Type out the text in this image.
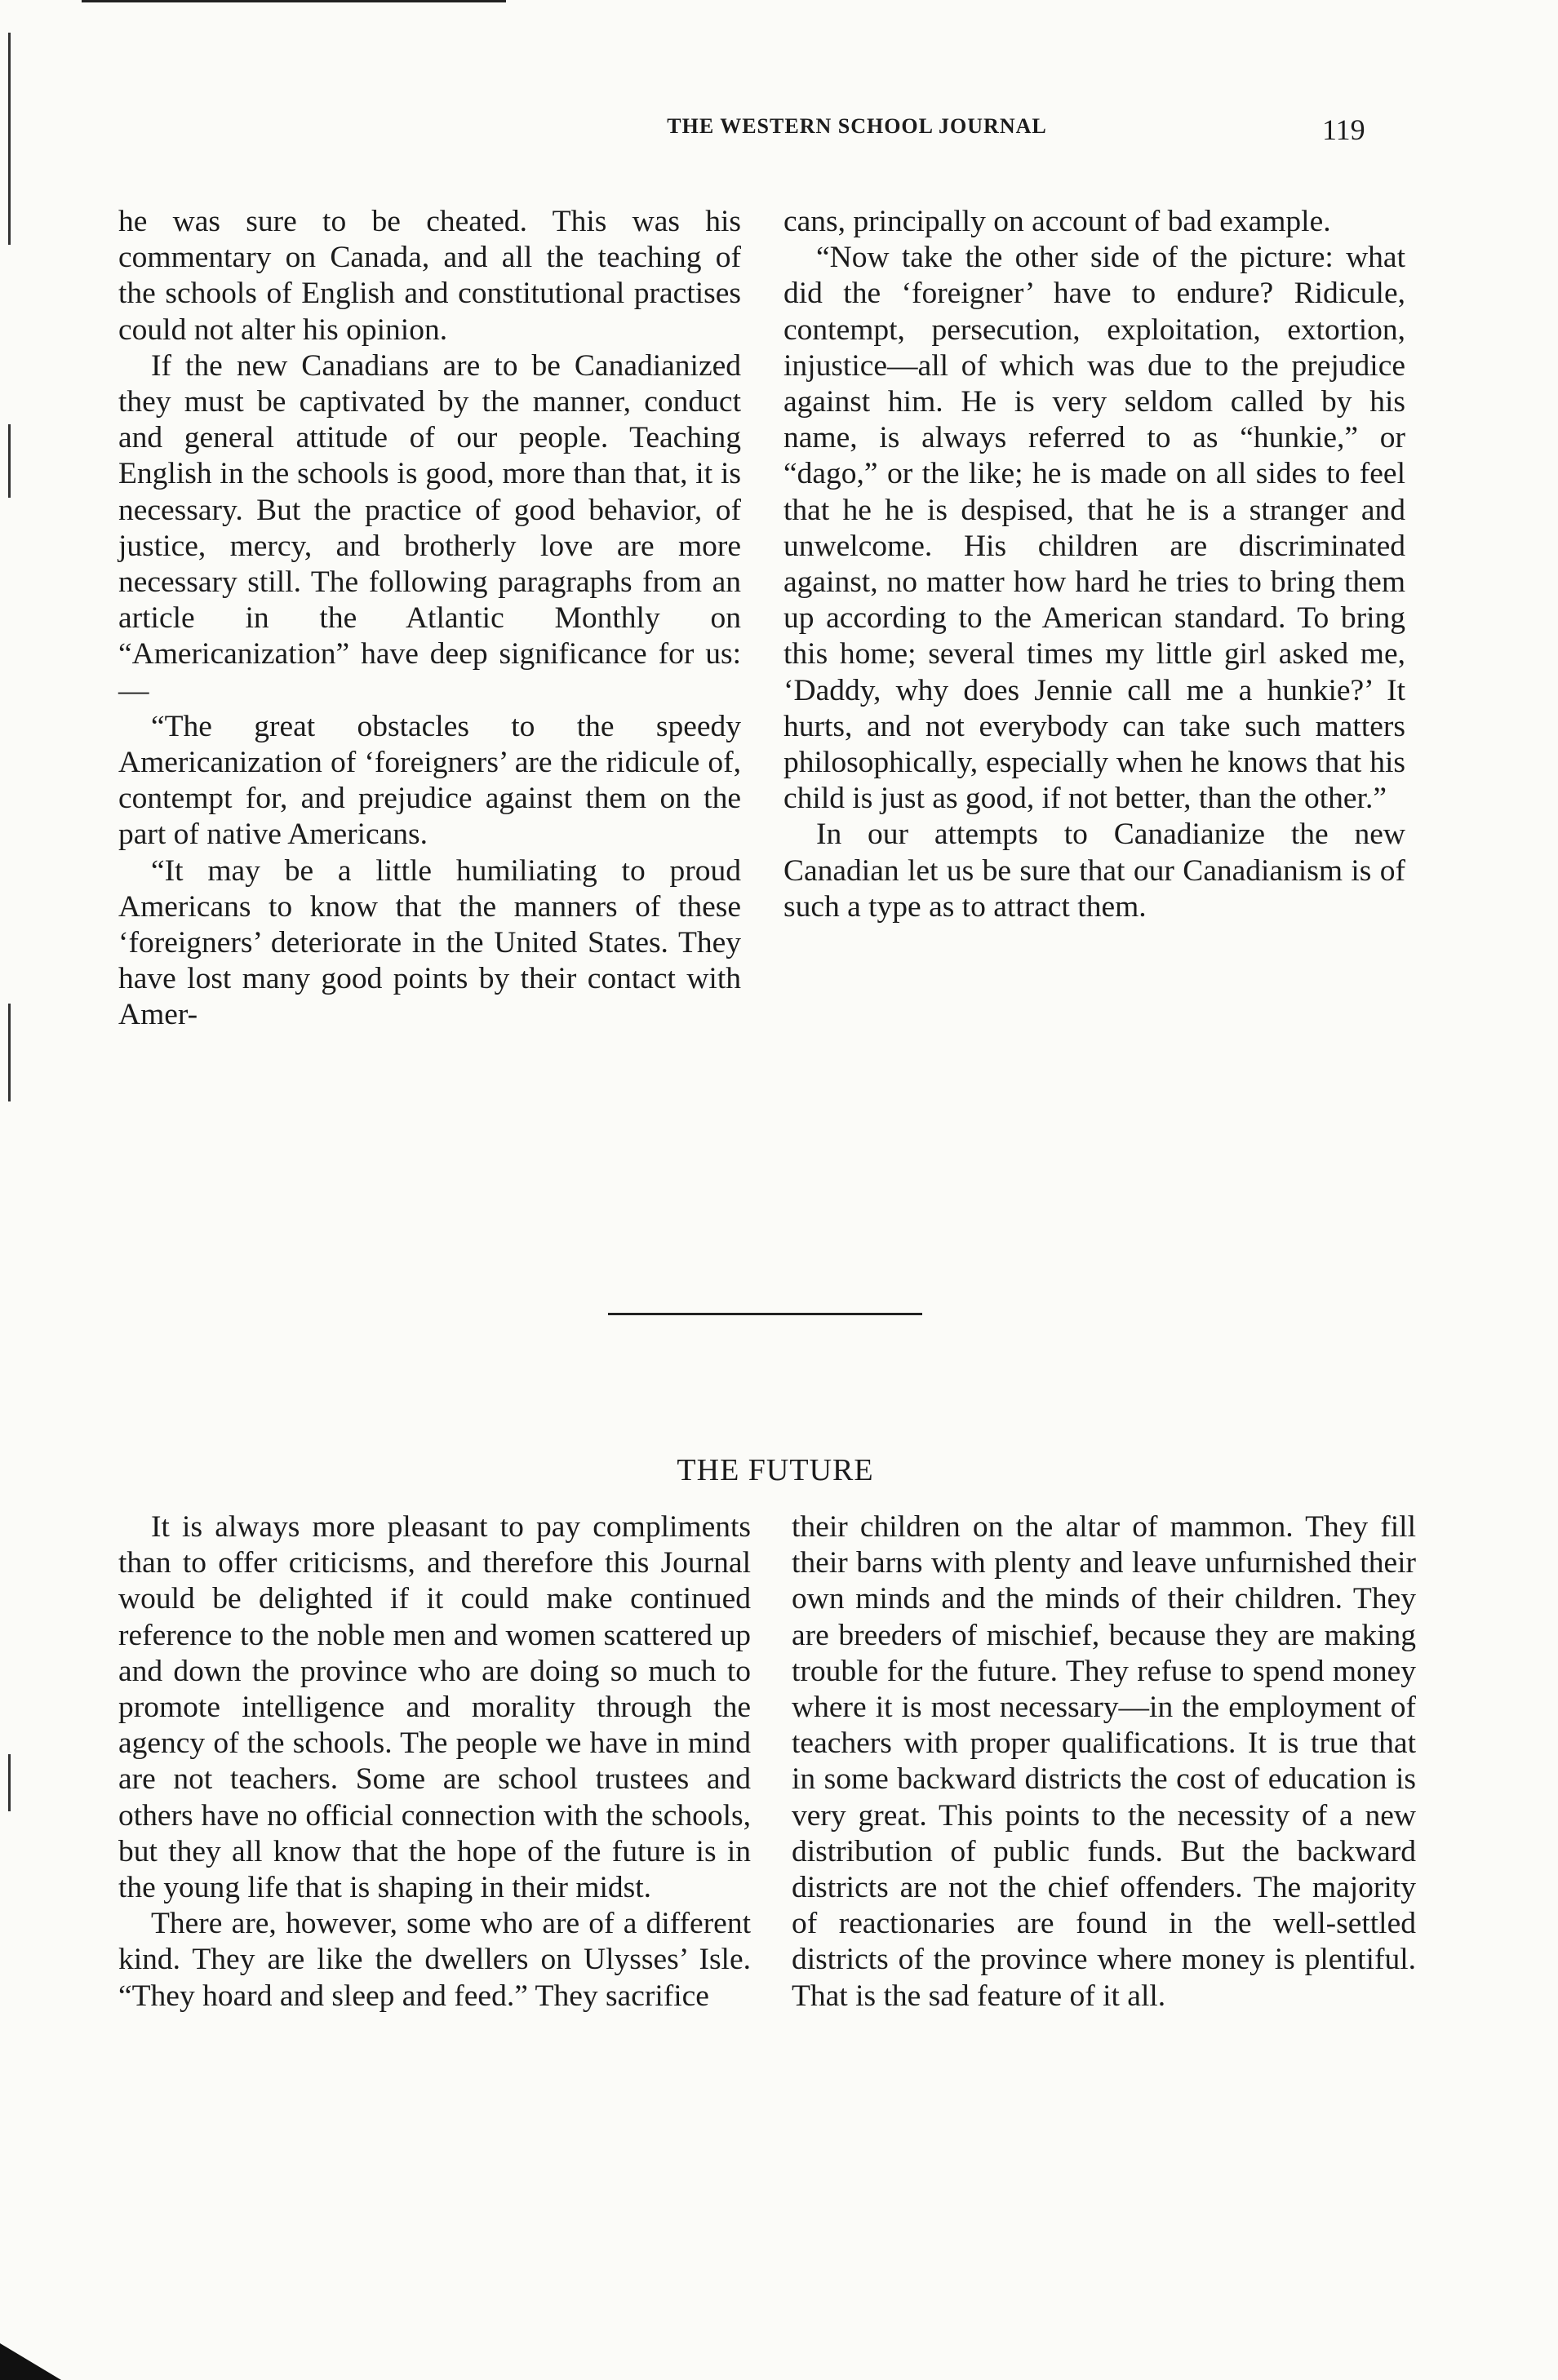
THE WESTERN SCHOOL JOURNAL	119

he was sure to be cheated. This was his commentary on Canada, and all the teaching of the schools of English and constitutional practises could not alter his opinion.

If the new Canadians are to be Canadianized they must be captivated by the manner, conduct and general attitude of our people. Teaching English in the schools is good, more than that, it is necessary. But the practice of good behavior, of justice, mercy, and brotherly love are more necessary still. The following paragraphs from an article in the Atlantic Monthly on “Americanization” have deep significance for us:—

“The great obstacles to the speedy Americanization of ‘foreigners’ are the ridicule of, contempt for, and prejudice against them on the part of native Americans.

“It may be a little humiliating to proud Americans to know that the manners of these ‘foreigners’ deteriorate in the United States. They have lost many good points by their contact with Amer-

cans, principally on account of bad example.

“Now take the other side of the picture: what did the ‘foreigner’ have to endure? Ridicule, contempt, persecution, exploitation, extortion, injustice—all of which was due to the prejudice against him. He is very seldom called by his name, is always referred to as “hunkie,” or “dago,” or the like; he is made on all sides to feel that he he is despised, that he is a stranger and unwelcome. His children are discriminated against, no matter how hard he tries to bring them up according to the American standard. To bring this home; several times my little girl asked me, ‘Daddy, why does Jennie call me a hunkie?’ It hurts, and not everybody can take such matters philosophically, especially when he knows that his child is just as good, if not better, than the other.”

In our attempts to Canadianize the new Canadian let us be sure that our Canadianism is of such a type as to attract them.

THE FUTURE

It is always more pleasant to pay compliments than to offer criticisms, and therefore this Journal would be delighted if it could make continued reference to the noble men and women scattered up and down the province who are doing so much to promote intelligence and morality through the agency of the schools. The people we have in mind are not teachers. Some are school trustees and others have no official connection with the schools, but they all know that the hope of the future is in the young life that is shaping in their midst.

There are, however, some who are of a different kind. They are like the dwellers on Ulysses’ Isle. “They hoard and sleep and feed.” They sacrifice

their children on the altar of mammon. They fill their barns with plenty and leave unfurnished their own minds and the minds of their children. They are breeders of mischief, because they are making trouble for the future. They refuse to spend money where it is most necessary—in the employment of teachers with proper qualifications. It is true that in some backward districts the cost of education is very great. This points to the necessity of a new distribution of public funds. But the backward districts are not the chief offenders. The majority of reactionaries are found in the well-settled districts of the province where money is plentiful. That is the sad feature of it all.
